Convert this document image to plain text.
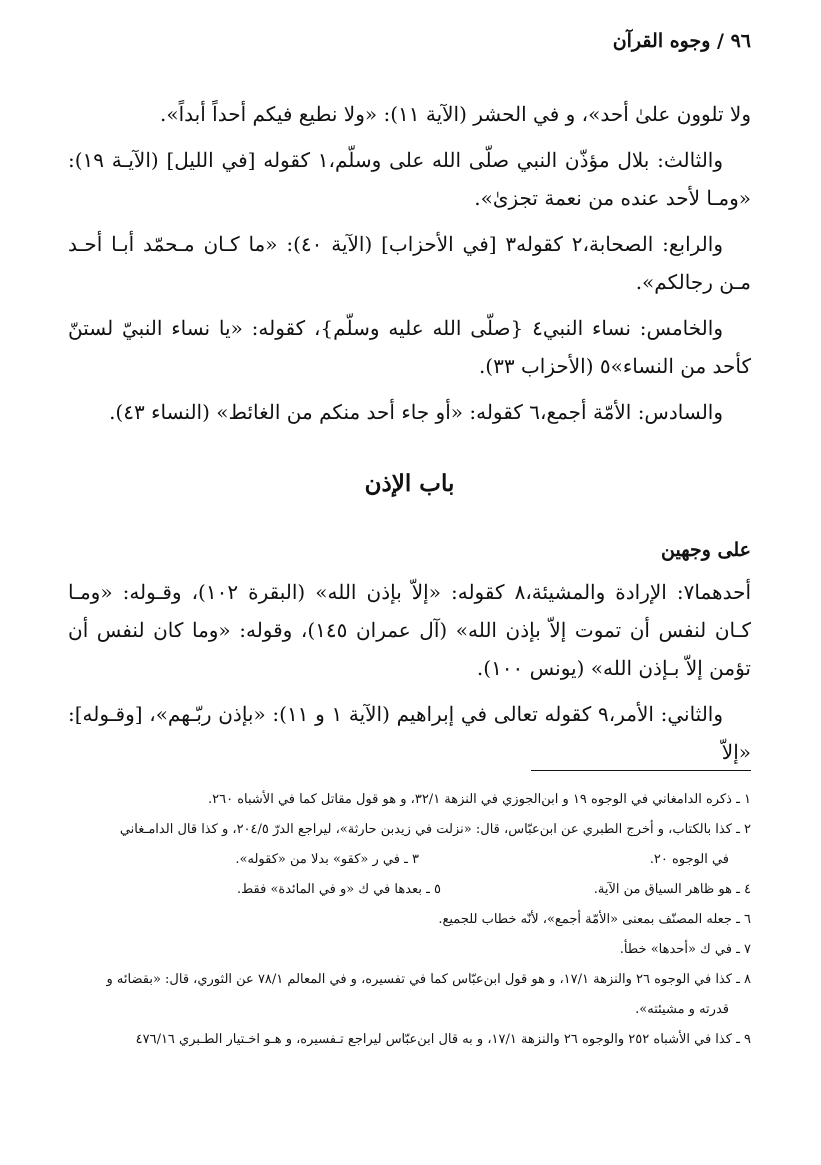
٩٦ / وجوه القرآن

ولا تلوون علىٰ أحد»، و في الحشر (الآية ١١): «ولا نطيع فيكم أحداً أبداً».

والثالث: بلال مؤذّن النبي صلّى الله على وسلّم،١ كقوله [في الليل] (الآيـة ١٩): «ومـا لأحد عنده من نعمة تجزىٰ».

والرابع: الصحابة،٢ كقوله٣ [في الأحزاب] (الآية ٤٠): «ما كـان مـحمّد أبـا أحـد مـن رجالكم».

والخامس: نساء النبي٤ {صلّى الله عليه وسلّم}، كقوله: «يا نساء النبيّ لستنّ كأحد من النساء»٥ (الأحزاب ٣٣).

والسادس: الأمّة أجمع،٦ كقوله: «أو جاء أحد منكم من الغائط» (النساء ٤٣).

باب الإذن
على وجهين

أحدهما٧: الإرادة والمشيئة،٨ كقوله: «إلاّ بإذن الله» (البقرة ١٠٢)، وقـوله: «ومـا كـان لنفس أن تموت إلاّ بإذن الله» (آل عمران ١٤٥)، وقوله: «وما كان لنفس أن تؤمن إلاّ بـإذن الله» (يونس ١٠٠).

والثاني: الأمر،٩ كقوله تعالى في إبراهيم (الآية ١ و ١١): «بإذن ربّـهم»، [وقـوله]: «إلاّ

١ ـ ذكره الدامغاني في الوجوه ١٩ و ابن‌الجوزي في النزهة ٣٢/١، و هو قول مقاتل كما في الأشباه ٢٦٠.

٢ ـ كذا بالكتاب، و أخرج الطبري عن ابن‌عبّاس، قال: «نزلت في زيدبن حارثة»، ليراجع الدرّ ٢٠٤/٥، و كذا قال الدامـغاني

في الوجوه ٢٠.
٣ ـ في ر «كقو» بدلا من «كقوله».
٤ ـ هو ظاهر السياق من الآية.
٥ ـ بعدها في ك «و في المائدة» فقط.

٦ ـ جعله المصنّف بمعنى «الأمّة أجمع»، لأنّه خطاب للجميع.

٧ ـ في ك «أحدها» خطأ.

٨ ـ كذا في الوجوه ٢٦ والنزهة ١٧/١، و هو قول ابن‌عبّاس كما في تفسيره، و في المعالم ٧٨/١ عن الثوري، قال: «بقضائه و

قدرته و مشيئته».

٩ ـ كذا في الأشباه ٢٥٢ والوجوه ٢٦ والنزهة ١٧/١، و به قال ابن‌عبّاس ليراجع تـفسيره، و هـو اخـتيار الطـبري ٤٧٦/١٦
